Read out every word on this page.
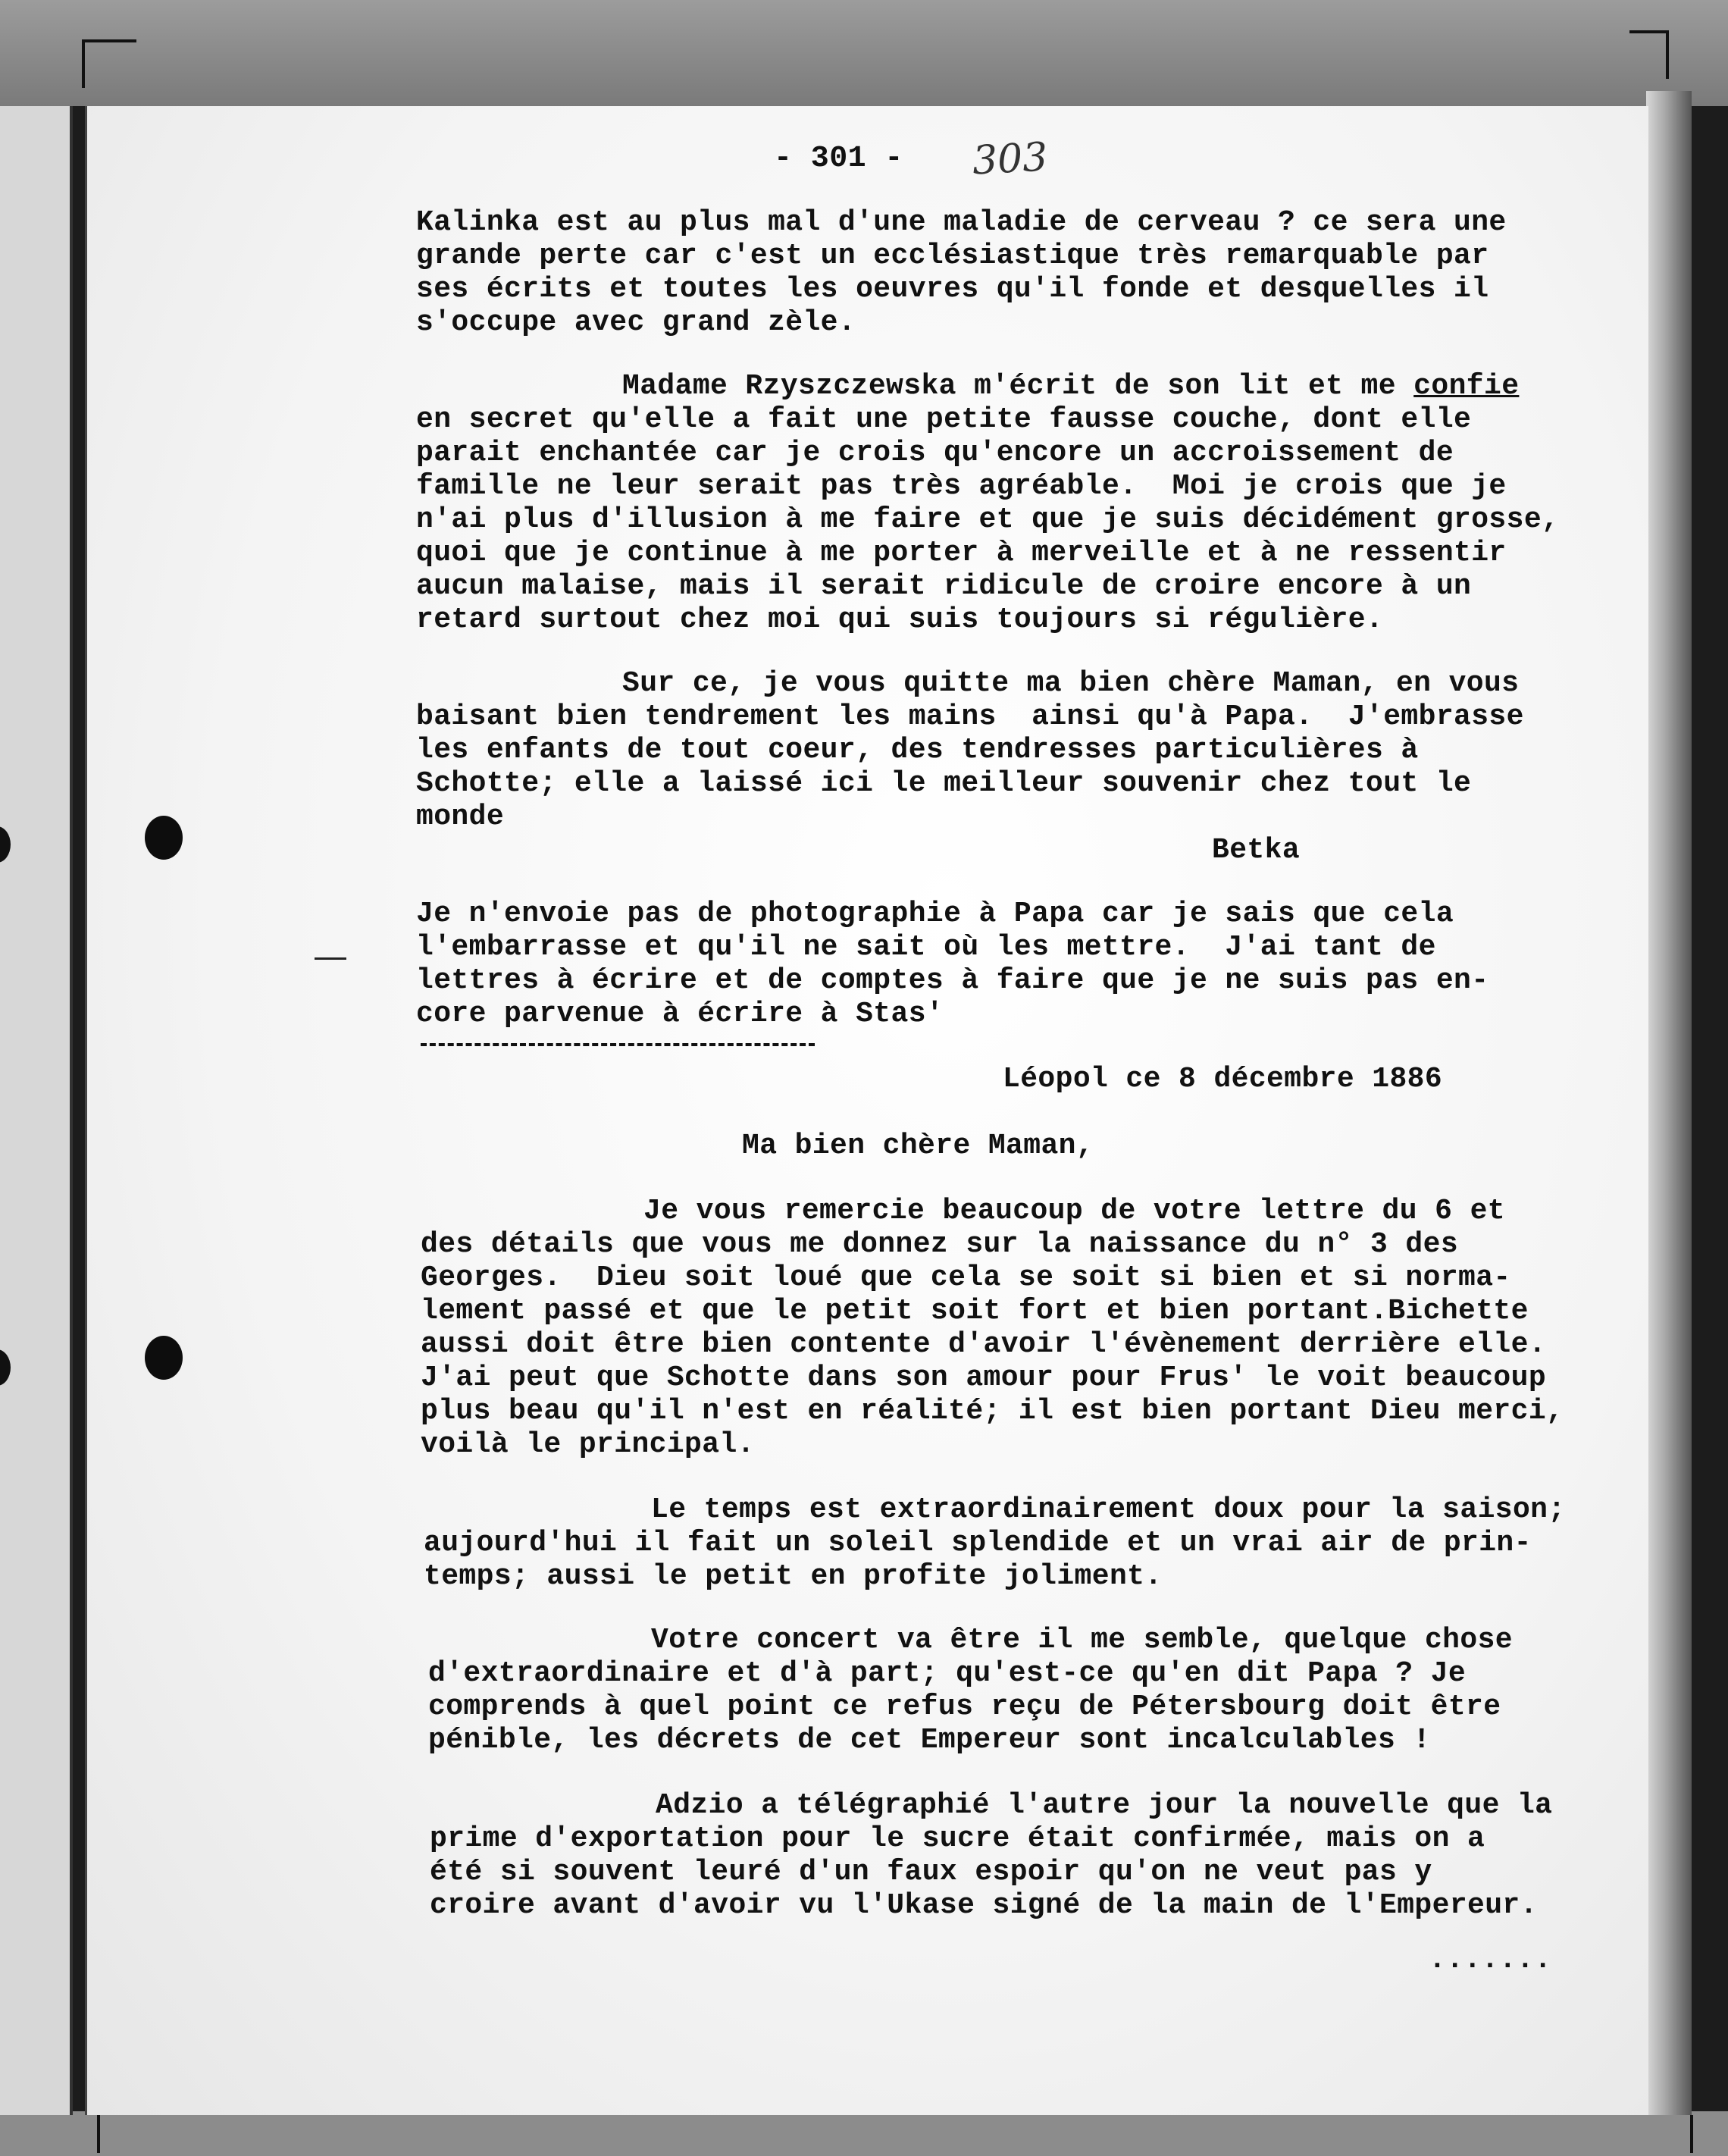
- 301 - 303
Kalinka est au plus mal d'une maladie de cerveau ? ce sera une
grande perte car c'est un ecclésiastique très remarquable par
ses écrits et toutes les oeuvres qu'il fonde et desquelles il
s'occupe avec grand zèle.
Madame Rzyszczewska m'écrit de son lit et me confie
en secret qu'elle a fait une petite fausse couche, dont elle
parait enchantée car je crois qu'encore un accroissement de
famille ne leur serait pas très agréable.  Moi je crois que je
n'ai plus d'illusion à me faire et que je suis décidément grosse,
quoi que je continue à me porter à merveille et à ne ressentir
aucun malaise, mais il serait ridicule de croire encore à un
retard surtout chez moi qui suis toujours si régulière.
Sur ce, je vous quitte ma bien chère Maman, en vous
baisant bien tendrement les mains  ainsi qu'à Papa.  J'embrasse
les enfants de tout coeur, des tendresses particulières à
Schotte; elle a laissé ici le meilleur souvenir chez tout le
monde
Betka
Je n'envoie pas de photographie à Papa car je sais que cela
l'embarrasse et qu'il ne sait où les mettre.  J'ai tant de
lettres à écrire et de comptes à faire que je ne suis pas en-
core parvenue à écrire à Stas'
Léopol ce 8 décembre 1886
Ma bien chère Maman,
Je vous remercie beaucoup de votre lettre du 6 et
des détails que vous me donnez sur la naissance du n° 3 des
Georges.  Dieu soit loué que cela se soit si bien et si norma-
lement passé et que le petit soit fort et bien portant.Bichette
aussi doit être bien contente d'avoir l'évènement derrière elle.
J'ai peut que Schotte dans son amour pour Frus' le voit beaucoup
plus beau qu'il n'est en réalité; il est bien portant Dieu merci,
voilà le principal.
Le temps est extraordinairement doux pour la saison;
aujourd'hui il fait un soleil splendide et un vrai air de prin-
temps; aussi le petit en profite joliment.
Votre concert va être il me semble, quelque chose
d'extraordinaire et d'à part; qu'est-ce qu'en dit Papa ? Je
comprends à quel point ce refus reçu de Pétersbourg doit être
pénible, les décrets de cet Empereur sont incalculables !
Adzio a télégraphié l'autre jour la nouvelle que la
prime d'exportation pour le sucre était confirmée, mais on a
été si souvent leuré d'un faux espoir qu'on ne veut pas y
croire avant d'avoir vu l'Ukase signé de la main de l'Empereur.
.......
